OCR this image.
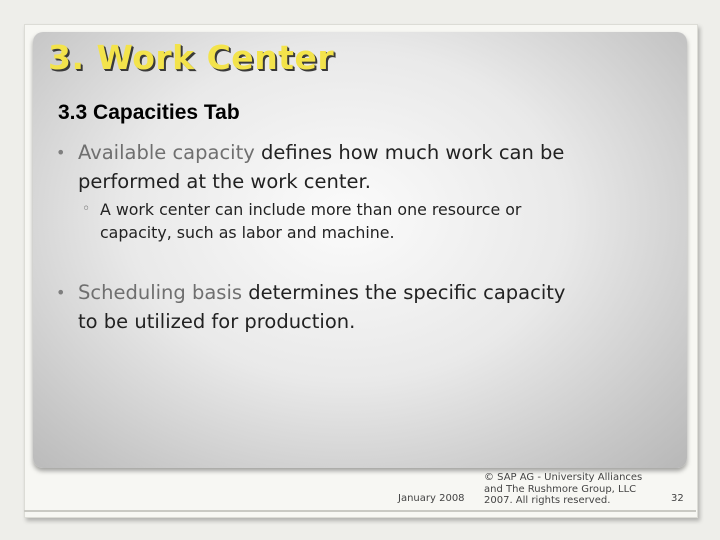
3. Work Center
3.3 Capacities Tab
• Available capacity defines how much work can be
performed at the work center.
◦ A work center can include more than one resource or
capacity, such as labor and machine.
• Scheduling basis determines the specific capacity
to be utilized for production.
January 2008
© SAP AG - University Alliances
and The Rushmore Group, LLC
2007. All rights reserved.	32
